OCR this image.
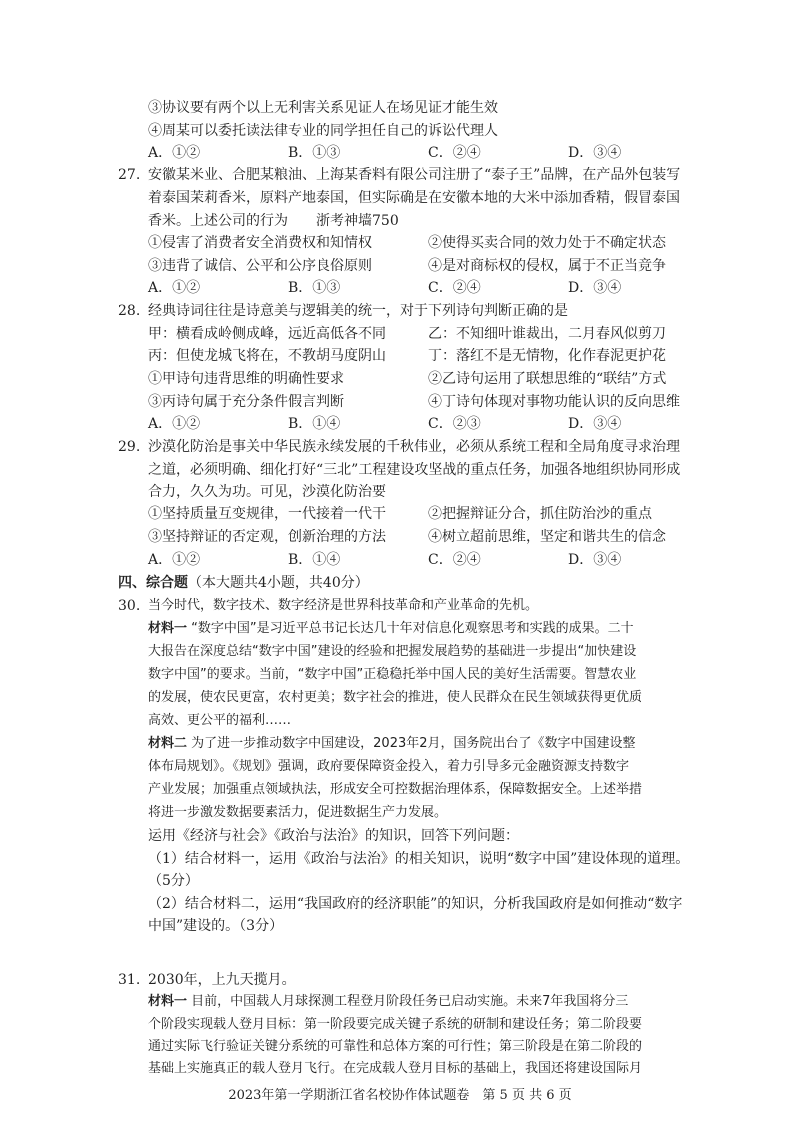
③协议要有两个以上无利害关系见证人在场见证才能生效
④周某可以委托读法律专业的同学担任自己的诉讼代理人
A．①②	B．①③	C．②④	D．③④
27. 安徽某米业、合肥某粮油、上海某香料有限公司注册了“泰子王”品牌，在产品外包装写
着泰国茉莉香米，原料产地泰国，但实际确是在安徽本地的大米中添加香精，假冒泰国
香米。上述公司的行为　　浙考神墙750
①侵害了消费者安全消费权和知情权	②使得买卖合同的效力处于不确定状态
③违背了诚信、公平和公序良俗原则	④是对商标权的侵权，属于不正当竞争
A．①②	B．①③	C．②④	D．③④
28. 经典诗词往往是诗意美与逻辑美的统一，对于下列诗句判断正确的是
甲：横看成岭侧成峰，远近高低各不同	乙：不知细叶谁裁出，二月春风似剪刀
丙：但使龙城飞将在，不教胡马度阴山	丁：落红不是无情物，化作春泥更护花
①甲诗句违背思维的明确性要求	②乙诗句运用了联想思维的“联结”方式
③丙诗句属于充分条件假言判断	④丁诗句体现对事物功能认识的反向思维
A．①②	B．①④	C．②③	D．③④
29. 沙漠化防治是事关中华民族永续发展的千秋伟业，必须从系统工程和全局角度寻求治理
之道，必须明确、细化打好“三北”工程建设攻坚战的重点任务，加强各地组织协同形成
合力，久久为功。可见，沙漠化防治要
①坚持质量互变规律，一代接着一代干	②把握辩证分合，抓住防治沙的重点
③坚持辩证的否定观，创新治理的方法	④树立超前思维，坚定和谐共生的信念
A．①②	B．①④	C．②④	D．③④
四、综合题（本大题共4小题，共40分）
30. 当今时代，数字技术、数字经济是世界科技革命和产业革命的先机。
材料一 “数字中国”是习近平总书记长达几十年对信息化观察思考和实践的成果。二十
大报告在深度总结“数字中国”建设的经验和把握发展趋势的基础进一步提出“加快建设
数字中国”的要求。当前，“数字中国”正稳稳托举中国人民的美好生活需要。智慧农业
的发展，使农民更富，农村更美；数字社会的推进，使人民群众在民生领域获得更优质
高效、更公平的福利……
材料二 为了进一步推动数字中国建设，2023年2月，国务院出台了《数字中国建设整
体布局规划》。《规划》强调，政府要保障资金投入，着力引导多元金融资源支持数字
产业发展；加强重点领域执法，形成安全可控数据治理体系，保障数据安全。上述举措
将进一步激发数据要素活力，促进数据生产力发展。
运用《经济与社会》《政治与法治》的知识，回答下列问题：
（1）结合材料一，运用《政治与法治》的相关知识，说明“数字中国”建设体现的道理。
（5分）
（2）结合材料二，运用“我国政府的经济职能”的知识，分析我国政府是如何推动“数字
中国”建设的。（3分）
31. 2030年，上九天揽月。
材料一 目前，中国载人月球探测工程登月阶段任务已启动实施。未来7年我国将分三
个阶段实现载人登月目标：第一阶段要完成关键子系统的研制和建设任务；第二阶段要
通过实际飞行验证关键分系统的可靠性和总体方案的可行性；第三阶段是在第二阶段的
基础上实施真正的载人登月飞行。在完成载人登月目标的基础上，我国还将建设国际月
2023年第一学期浙江省名校协作体试题卷　第 5 页 共 6 页
